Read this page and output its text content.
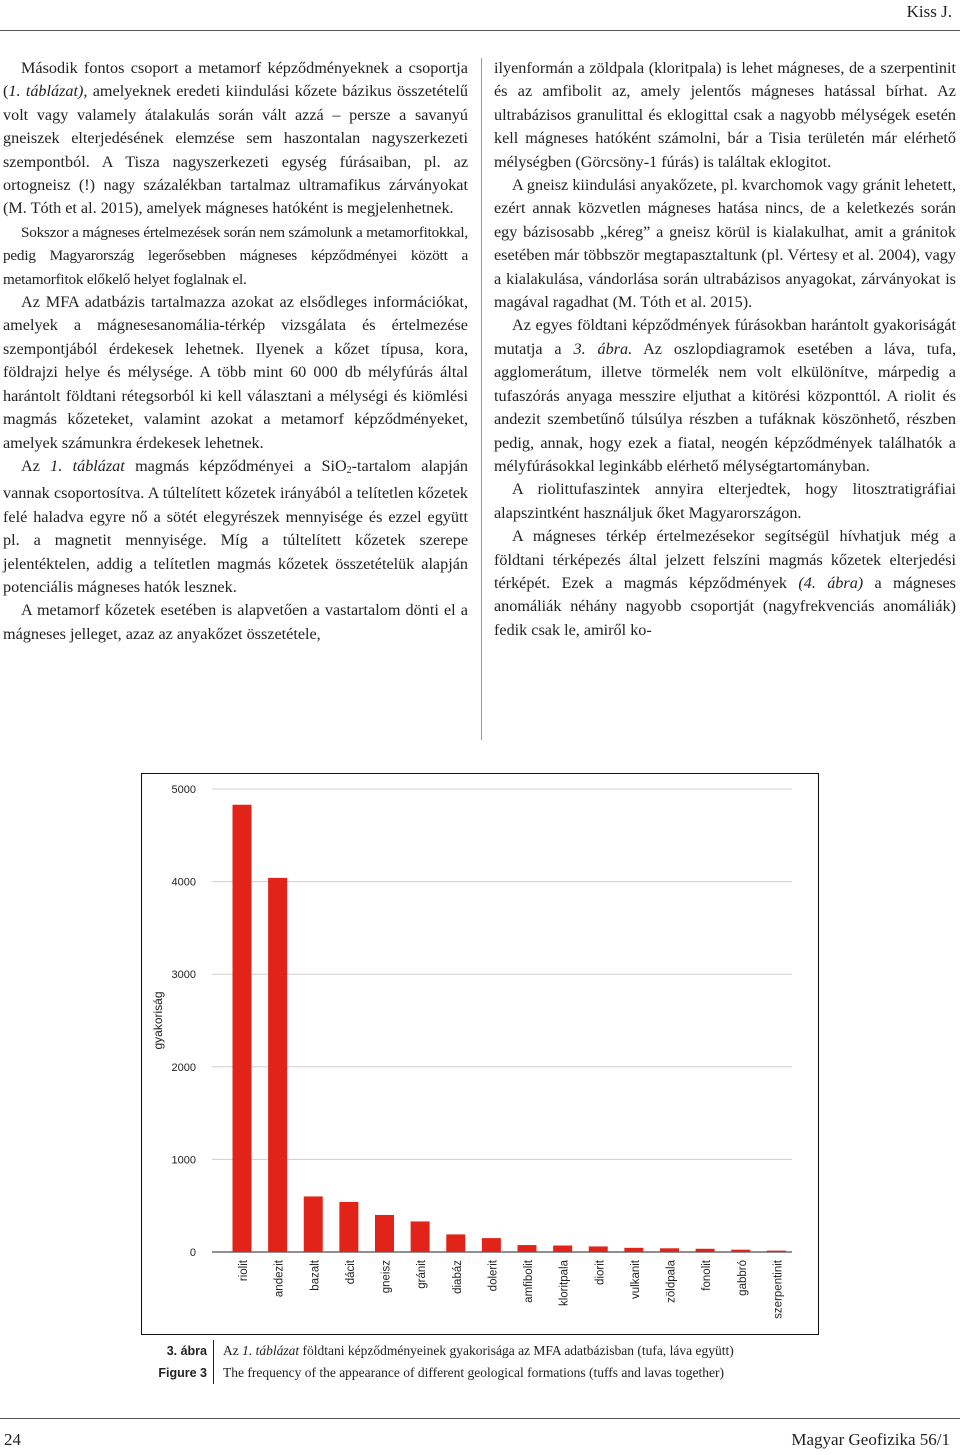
Kiss J.

Második fontos csoport a metamorf képződményeknek a csoportja (1. táblázat), amelyeknek eredeti kiindulási kőzete bázikus összetételű volt vagy valamely átalakulás során vált azzá – persze a savanyú gneiszek elterjedésének elemzése sem haszontalan nagyszerkezeti szempontból. A Tisza nagyszerkezeti egység fúrásaiban, pl. az ortogneisz (!) nagy százalékban tartalmaz ultramafikus zárványokat (M. Tóth et al. 2015), amelyek mágneses hatóként is megjelenhetnek.

Sokszor a mágneses értelmezések során nem számolunk a metamorfitokkal, pedig Magyarország legerősebben mágneses képződményei között a metamorfitok előkelő helyet foglalnak el.

Az MFA adatbázis tartalmazza azokat az elsődleges információkat, amelyek a mágnesesanomália-térkép vizsgálata és értelmezése szempontjából érdekesek lehetnek. Ilyenek a kőzet típusa, kora, földrajzi helye és mélysége. A több mint 60 000 db mélyfúrás által harántolt földtani rétegsorból ki kell választani a mélységi és kiömlési magmás kőzeteket, valamint azokat a metamorf képződményeket, amelyek számunkra érdekesek lehetnek.

Az 1. táblázat magmás képződményei a SiO$_2$-tartalom alapján vannak csoportosítva. A túltelített kőzetek irányából a telítetlen kőzetek felé haladva egyre nő a sötét elegyrészek mennyisége és ezzel együtt pl. a magnetit mennyisége. Míg a túltelített kőzetek szerepe jelentéktelen, addig a telítetlen magmás kőzetek összetételük alapján potenciális mágneses hatók lesznek.

A metamorf kőzetek esetében is alapvetően a vastartalom dönti el a mágneses jelleget, azaz az anyakőzet összetétele,

ilyenformán a zöldpala (kloritpala) is lehet mágneses, de a szerpentinit és az amfibolit az, amely jelentős mágneses hatással bírhat. Az ultrabázisos granulittal és eklogittal csak a nagyobb mélységek esetén kell mágneses hatóként számolni, bár a Tisia területén már elérhető mélységben (Görcsöny-1 fúrás) is találtak eklogitot.

A gneisz kiindulási anyakőzete, pl. kvarchomok vagy gránit lehetett, ezért annak közvetlen mágneses hatása nincs, de a keletkezés során egy bázisosabb „kéreg” a gneisz körül is kialakulhat, amit a gránitok esetében már többször megtapasztaltunk (pl. Vértesy et al. 2004), vagy a kialakulása, vándorlása során ultrabázisos anyagokat, zárványokat is magával ragadhat (M. Tóth et al. 2015).

Az egyes földtani képződmények fúrásokban harántolt gyakoriságát mutatja a 3. ábra. Az oszlopdiagramok esetében a láva, tufa, agglomerátum, illetve törmelék nem volt elkülönítve, márpedig a tufaszórás anyaga messzire eljuthat a kitörési központtól. A riolit és andezit szembetűnő túlsúlya részben a tufáknak köszönhető, részben pedig, annak, hogy ezek a fiatal, neogén képződmények találhatók a mélyfúrásokkal leginkább elérhető mélységtartományban.

A riolittufaszintek annyira elterjedtek, hogy litosztratigráfiai alapszintként használjuk őket Magyarországon.

A mágneses térkép értelmezésekor segítségül hívhatjuk még a földtani térképezés által jelzett felszíni magmás kőzetek elterjedési térképét. Ezek a magmás képződmények (4. ábra) a mágneses anomáliák néhány nagyobb csoportját (nagyfrekvenciás anomáliák) fedik csak le, amiről ko-

0
1000
2000
3000
4000
5000
gyakoriság
riolit andezit bazalt dácit gneisz gránit diabáz dolerit amfibolit kloritpala diorit vulkanit zöldpala fonolit gabbró szerpentinit
3. ábra	Az 1. táblázat földtani képződményeinek gyakorisága az MFA adatbázisban (tufa, láva együtt)
Figure 3	The frequency of the appearance of different geological formations (tuffs and lavas together)
24	Magyar Geofizika 56/1
